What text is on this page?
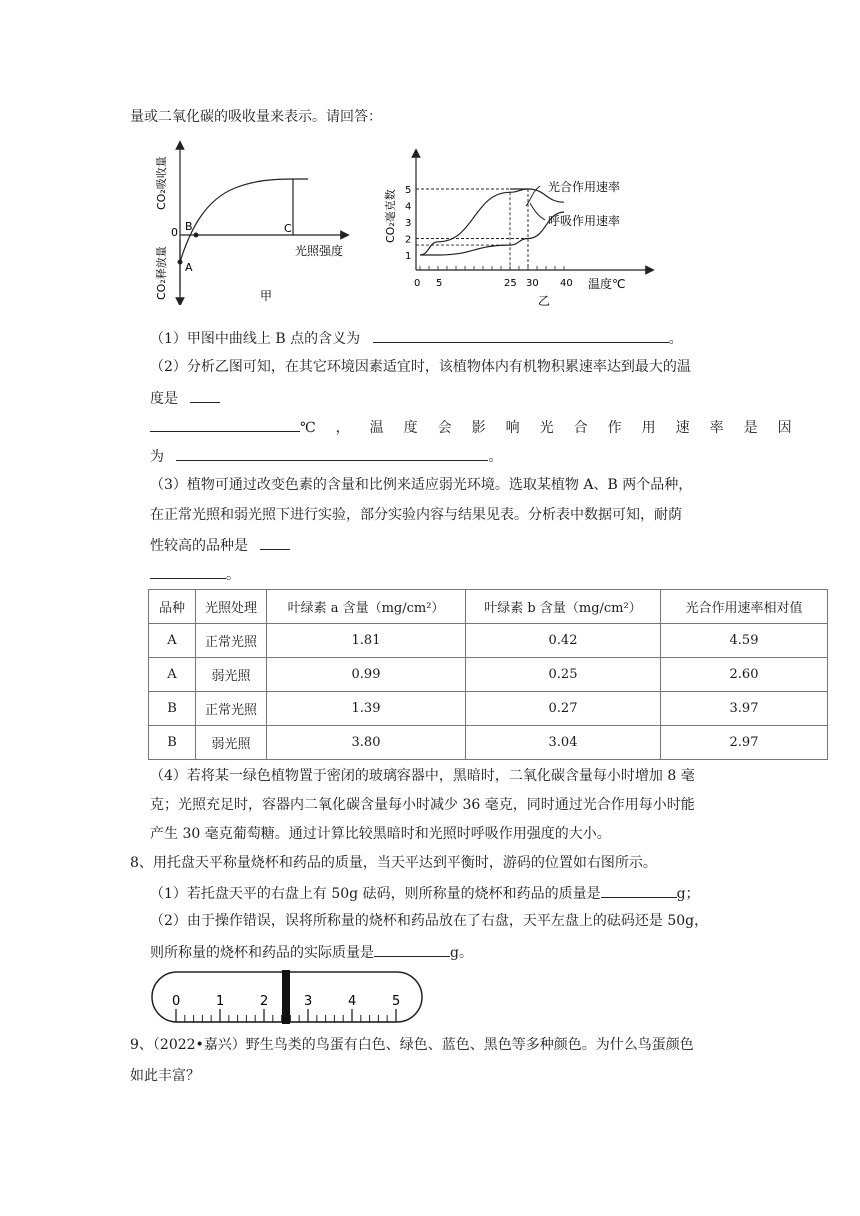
量或二氧化碳的吸收量来表示。请回答：
0
A
B	C
光照强度
甲
CO₂吸收量
CO₂释放量	1
2
3
4
5
0 5	25 30 40
光合作用速率
呼吸作用速率
温度℃
乙
CO₂毫克数
（1）甲图中曲线上 B 点的含义为	。
（2）分析乙图可知，在其它环境因素适宜时，该植物体内有机物积累速率达到最大的温
度是
℃，温度会影响光合作用速率是因
为	。
（3）植物可通过改变色素的含量和比例来适应弱光环境。选取某植物 A、B 两个品种，
在正常光照和弱光照下进行实验，部分实验内容与结果见表。分析表中数据可知，耐荫
性较高的品种是
。
品种	光照处理	叶绿素 a 含量（mg/cm²）	叶绿素 b 含量（mg/cm²）	光合作用速率相对值
A	正常光照	1.81	0.42	4.59
A	弱光照	0.99	0.25	2.60
B	正常光照	1.39	0.27	3.97
B	弱光照	3.80	3.04	2.97
（4）若将某一绿色植物置于密闭的玻璃容器中，黑暗时，二氧化碳含量每小时增加 8 毫
克；光照充足时，容器内二氧化碳含量每小时减少 36 毫克，同时通过光合作用每小时能
产生 30 毫克葡萄糖。通过计算比较黑暗时和光照时呼吸作用强度的大小。
8、用托盘天平称量烧杯和药品的质量，当天平达到平衡时，游码的位置如右图所示。
（1）若托盘天平的右盘上有 50g 砝码，则所称量的烧杯和药品的质量是	g；
（2）由于操作错误，误将所称量的烧杯和药品放在了右盘，天平左盘上的砝码还是 50g，
则所称量的烧杯和药品的实际质量是	g。
0	1	2	3	4	5
9、（2022•嘉兴）野生鸟类的鸟蛋有白色、绿色、蓝色、黑色等多种颜色。为什么鸟蛋颜色
如此丰富？
